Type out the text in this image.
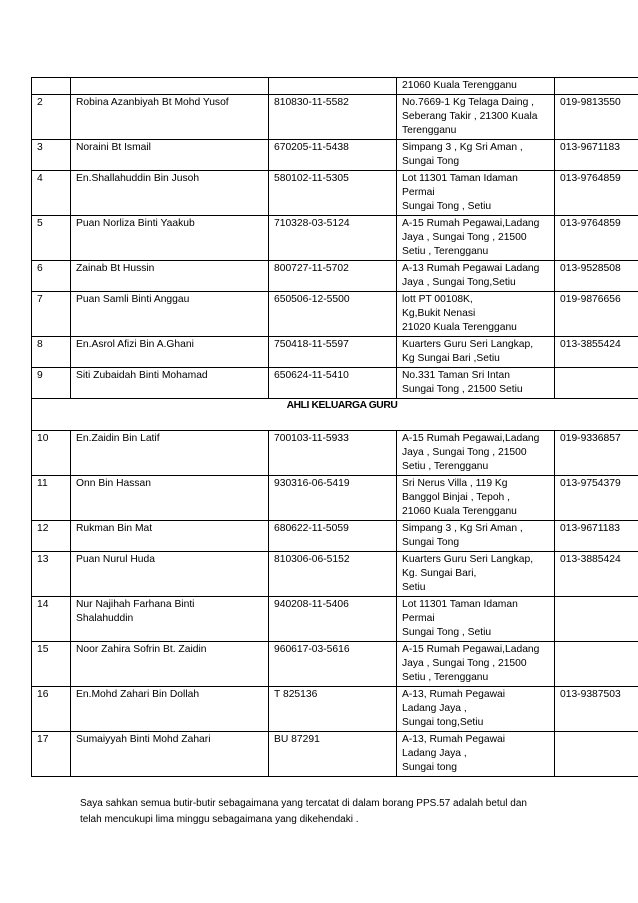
			21060 Kuala Terengganu	

2	Robina Azanbiyah Bt Mohd Yusof	810830-11-5582	No.7669-1 Kg Telaga Daing ,
Seberang Takir , 21300 Kuala
Terengganu	019-9813550
3	Noraini Bt Ismail	670205-11-5438	Simpang 3 , Kg Sri Aman ,
Sungai Tong	013-9671183
4	En.Shallahuddin Bin Jusoh	580102-11-5305	Lot 11301 Taman Idaman
Permai
Sungai Tong , Setiu	013-9764859
5	Puan Norliza Binti Yaakub	710328-03-5124	A-15 Rumah Pegawai,Ladang
Jaya , Sungai Tong , 21500
Setiu , Terengganu	013-9764859
6	Zainab Bt Hussin	800727-11-5702	A-13 Rumah Pegawai Ladang
Jaya , Sungai Tong,Setiu	013-9528508
7	Puan Samli Binti Anggau	650506-12-5500	lott PT 00108K,
Kg,Bukit Nenasi
21020 Kuala Terengganu	019-9876656
8	En.Asrol Afizi Bin A.Ghani	750418-11-5597	Kuarters Guru Seri Langkap,
Kg Sungai Bari ,Setiu	013-3855424
9	Siti Zubaidah Binti Mohamad	650624-11-5410	No.331 Taman Sri Intan
Sungai Tong , 21500 Setiu	

AHLI KELUARGA GURU				
10	En.Zaidin Bin Latif	700103-11-5933	A-15 Rumah Pegawai,Ladang
Jaya , Sungai Tong , 21500
Setiu , Terengganu	019-9336857
11	Onn Bin Hassan	930316-06-5419	Sri Nerus Villa , 119 Kg
Banggol Binjai , Tepoh ,
21060 Kuala Terengganu	013-9754379
12	Rukman Bin Mat	680622-11-5059	Simpang 3 , Kg Sri Aman ,
Sungai Tong	013-9671183
13	Puan Nurul Huda	810306-06-5152	Kuarters Guru Seri Langkap,
Kg. Sungai Bari,
Setiu	013-3885424
14	Nur Najihah Farhana Binti
Shalahuddin	940208-11-5406	Lot 11301 Taman Idaman
Permai
Sungai Tong , Setiu	

15	Noor Zahira Sofrin Bt. Zaidin	960617-03-5616	A-15 Rumah Pegawai,Ladang
Jaya , Sungai Tong , 21500
Setiu , Terengganu	

16	En.Mohd Zahari Bin Dollah	T 825136	A-13, Rumah Pegawai
Ladang Jaya ,
Sungai tong,Setiu	013-9387503
17	Sumaiyyah Binti Mohd Zahari	BU 87291	A-13, Rumah Pegawai
Ladang Jaya ,
Sungai tong	

Saya sahkan semua butir-butir sebagaimana yang tercatat di dalam borang PPS.57 adalah betul dan
telah mencukupi lima minggu sebagaimana yang dikehendaki .
